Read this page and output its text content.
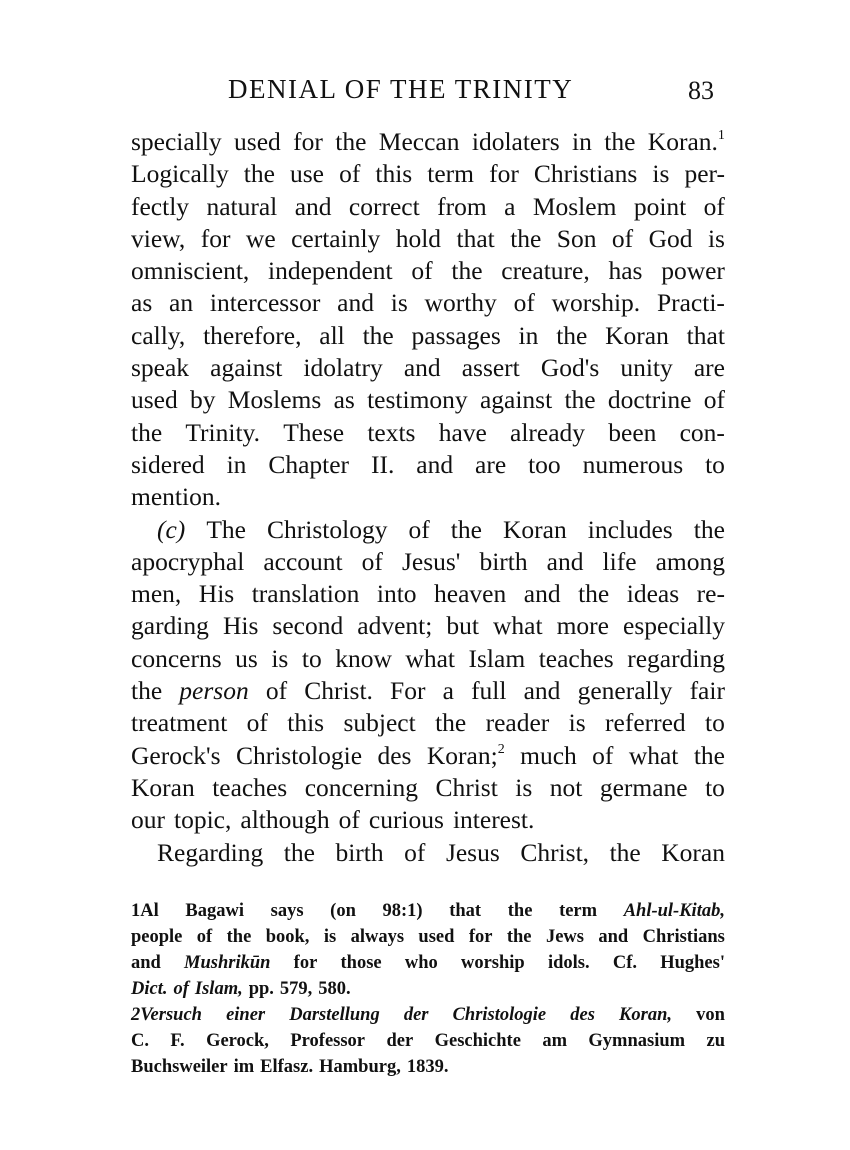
DENIAL OF THE TRINITY	83
specially used for the Meccan idolaters in the Koran.$^1$
Logically the use of this term for Christians is per-
fectly natural and correct from a Moslem point of
view, for we certainly hold that the Son of God is
omniscient, independent of the creature, has power
as an intercessor and is worthy of worship. Practi-
cally, therefore, all the passages in the Koran that
speak against idolatry and assert God's unity are
used by Moslems as testimony against the doctrine of
the Trinity. These texts have already been con-
sidered in Chapter II. and are too numerous to
mention.
(c) The Christology of the Koran includes the
apocryphal account of Jesus' birth and life among
men, His translation into heaven and the ideas re-
garding His second advent; but what more especially
concerns us is to know what Islam teaches regarding
the person of Christ. For a full and generally fair
treatment of this subject the reader is referred to
Gerock's Christologie des Koran;$^2$ much of what the
Koran teaches concerning Christ is not germane to
our topic, although of curious interest.
Regarding the birth of Jesus Christ, the Koran
1Al Bagawi says (on 98:1) that the term Ahl-ul-Kitab,
people of the book, is always used for the Jews and Christians
and Mushrikūn for those who worship idols. Cf. Hughes'
Dict. of Islam, pp. 579, 580.
2Versuch einer Darstellung der Christologie des Koran, von
C. F. Gerock, Professor der Geschichte am Gymnasium zu
Buchsweiler im Elfasz. Hamburg, 1839.
